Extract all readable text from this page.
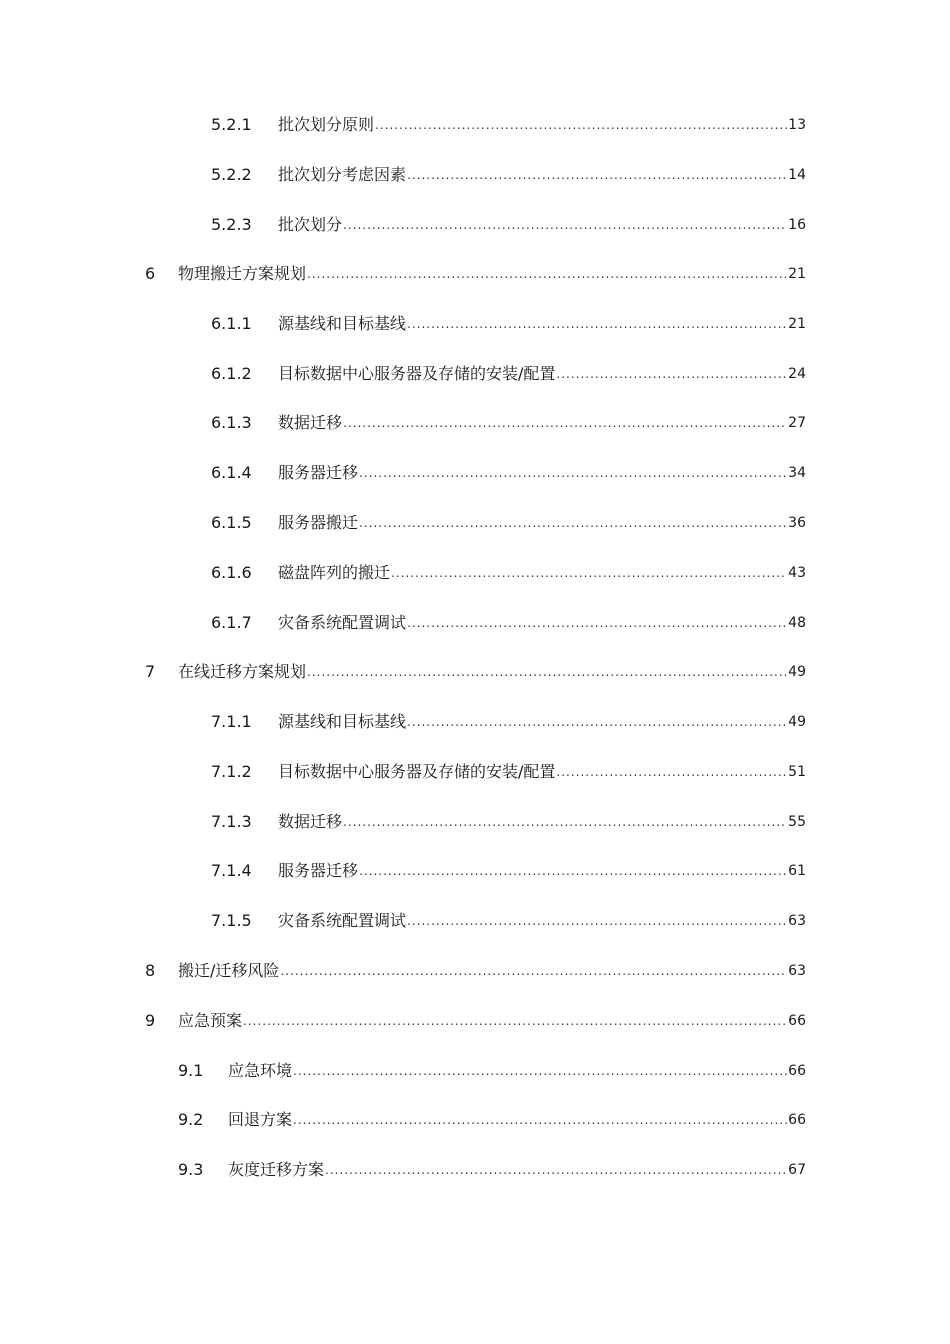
5.2.1	批次划分原则 .....	13
5.2.2	批次划分考虑因素 .....	14
5.2.3	批次划分 .....	16
6	物理搬迁方案规划 .....	21
6.1.1	源基线和目标基线 .....	21
6.1.2	目标数据中心服务器及存储的安装/配置 .....	24
6.1.3	数据迁移 .....	27
6.1.4	服务器迁移 .....	34
6.1.5	服务器搬迁 .....	36
6.1.6	磁盘阵列的搬迁 .....	43
6.1.7	灾备系统配置调试 .....	48
7	在线迁移方案规划 .....	49
7.1.1	源基线和目标基线 .....	49
7.1.2	目标数据中心服务器及存储的安装/配置 .....	51
7.1.3	数据迁移 .....	55
7.1.4	服务器迁移 .....	61
7.1.5	灾备系统配置调试 .....	63
8	搬迁/迁移风险 .....	63
9	应急预案 .....	66
9.1	应急环境 .....	66
9.2	回退方案 .....	66
9.3	灰度迁移方案 .....	67
